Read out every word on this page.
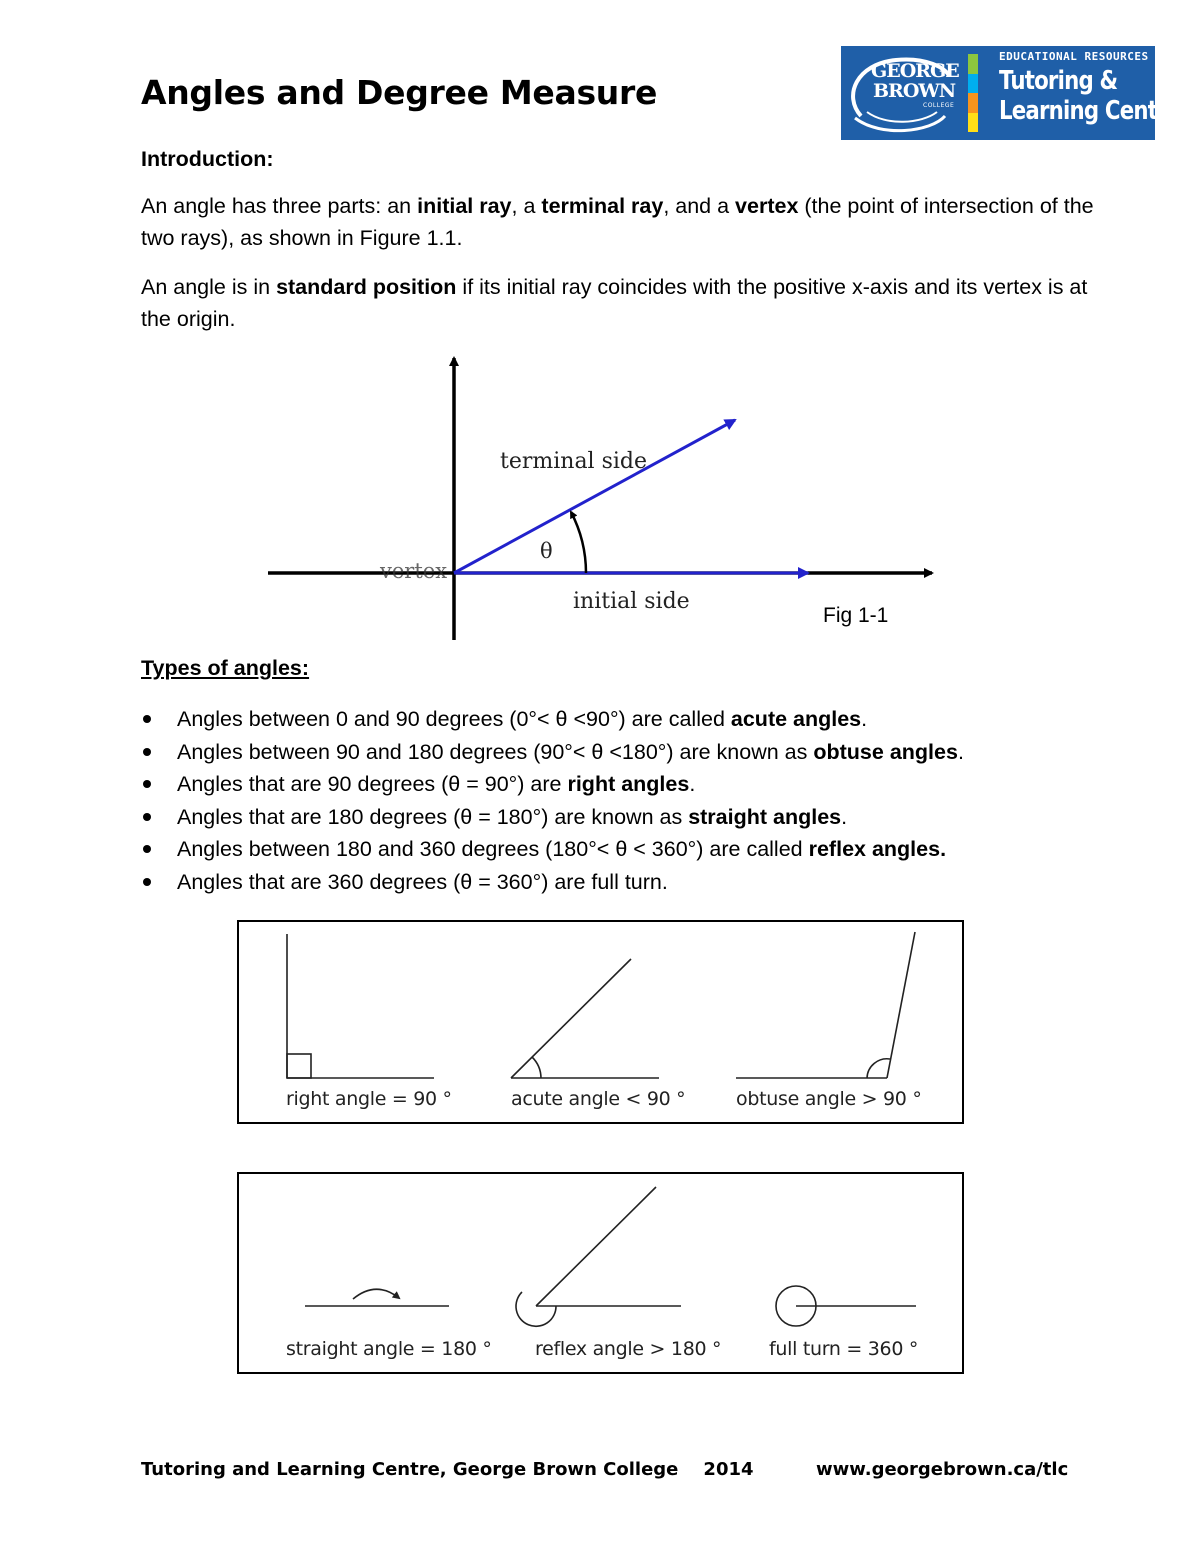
Angles and Degree Measure
GEORGE
BROWN
COLLEGE
EDUCATIONAL RESOURCES
Tutoring &
Learning Centre
Introduction:
An angle has three parts: an initial ray, a terminal ray, and a vertex (the point of intersection of the two rays), as shown in Figure 1.1.
An angle is in standard position if its initial ray coincides with the positive x-axis and its vertex is at the origin.
terminal side
initial side
vertex
θ
Fig 1-1
Types of angles:
Angles between 0 and 90 degrees (0°< θ <90°) are called acute angles.
Angles between 90 and 180 degrees (90°< θ <180°) are known as obtuse angles.
Angles that are 90 degrees (θ = 90°) are right angles.
Angles that are 180 degrees (θ = 180°) are known as straight angles.
Angles between 180 and 360 degrees (180°< θ < 360°) are called reflex angles.
Angles that are 360 degrees (θ = 360°) are full turn.
right angle = 90 °	acute angle < 90 °	obtuse angle > 90 °
straight angle = 180 ° reflex angle > 180 °	full turn = 360 °
Tutoring and Learning Centre, George Brown College    2014	www.georgebrown.ca/tlc
